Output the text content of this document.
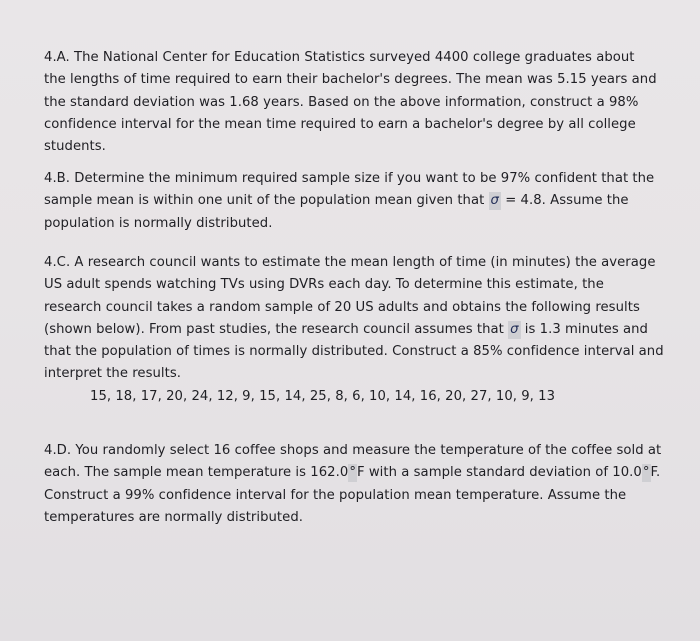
4.A. The National Center for Education Statistics surveyed 4400 college graduates about
the lengths of time required to earn their bachelor's degrees. The mean was 5.15 years and
the standard deviation was 1.68 years. Based on the above information, construct a 98%
confidence interval for the mean time required to earn a bachelor's degree by all college
students.
4.B. Determine the minimum required sample size if you want to be 97% confident that the
sample mean is within one unit of the population mean given that σ = 4.8. Assume the
population is normally distributed.
4.C. A research council wants to estimate the mean length of time (in minutes) the average
US adult spends watching TVs using DVRs each day. To determine this estimate, the
research council takes a random sample of 20 US adults and obtains the following results
(shown below). From past studies, the research council assumes that σ is 1.3 minutes and
that the population of times is normally distributed. Construct a 85% confidence interval and
interpret the results.
15, 18, 17, 20, 24, 12, 9, 15, 14, 25, 8, 6, 10, 14, 16, 20, 27, 10, 9, 13
4.D. You randomly select 16 coffee shops and measure the temperature of the coffee sold at
each. The sample mean temperature is 162.0°F with a sample standard deviation of 10.0°F.
Construct a 99% confidence interval for the population mean temperature. Assume the
temperatures are normally distributed.
